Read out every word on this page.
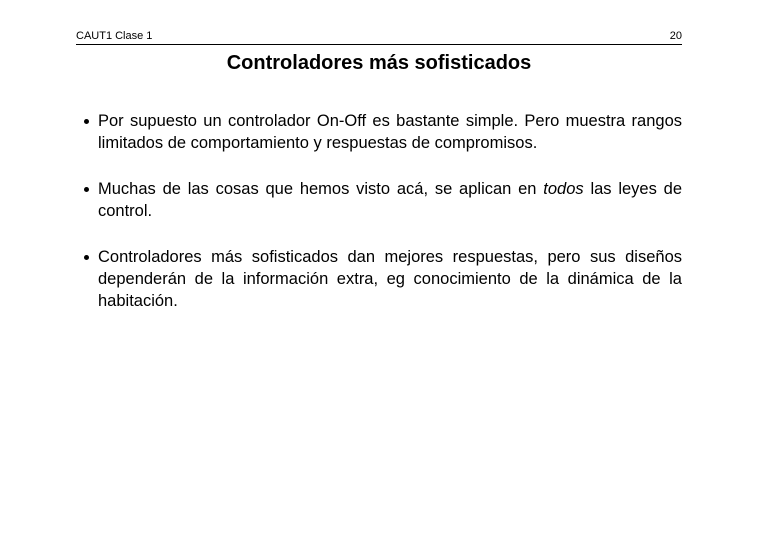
CAUT1 Clase 1	20
Controladores más sofisticados
Por supuesto un controlador On-Off es bastante simple. Pero muestra rangos limitados de comportamiento y respuestas de compromisos.
Muchas de las cosas que hemos visto acá, se aplican en todos las leyes de control.
Controladores más sofisticados dan mejores respuestas, pero sus diseños dependerán de la información extra, eg conocimiento de la dinámica de la habitación.
